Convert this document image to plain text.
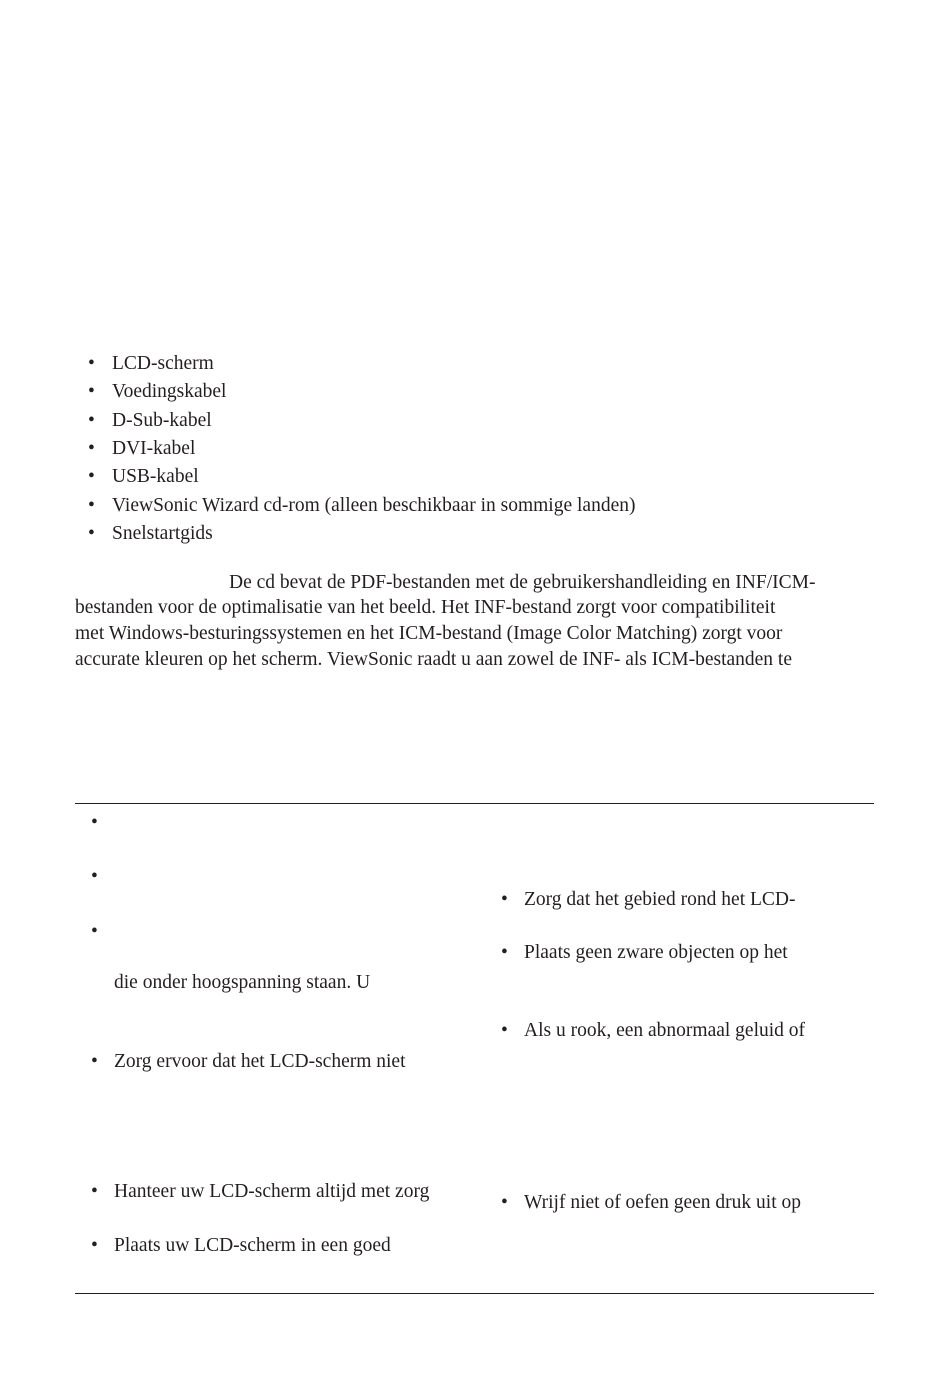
• LCD-scherm
• Voedingskabel
• D-Sub-kabel
• DVI-kabel
• USB-kabel
• ViewSonic Wizard cd-rom (alleen beschikbaar in sommige landen)
• Snelstartgids
De cd bevat de PDF-bestanden met de gebruikershandleiding en INF/ICM-
bestanden voor de optimalisatie van het beeld. Het INF-bestand zorgt voor compatibiliteit
met Windows-besturingssystemen en het ICM-bestand (Image Color Matching) zorgt voor
accurate kleuren op het scherm. ViewSonic raadt u aan zowel de INF- als ICM-bestanden te
•
•
•
die onder hoogspanning staan. U
• Zorg ervoor dat het LCD-scherm niet
• Hanteer uw LCD-scherm altijd met zorg
• Plaats uw LCD-scherm in een goed
• Zorg dat het gebied rond het LCD-
• Plaats geen zware objecten op het
• Als u rook, een abnormaal geluid of
• Wrijf niet of oefen geen druk uit op
